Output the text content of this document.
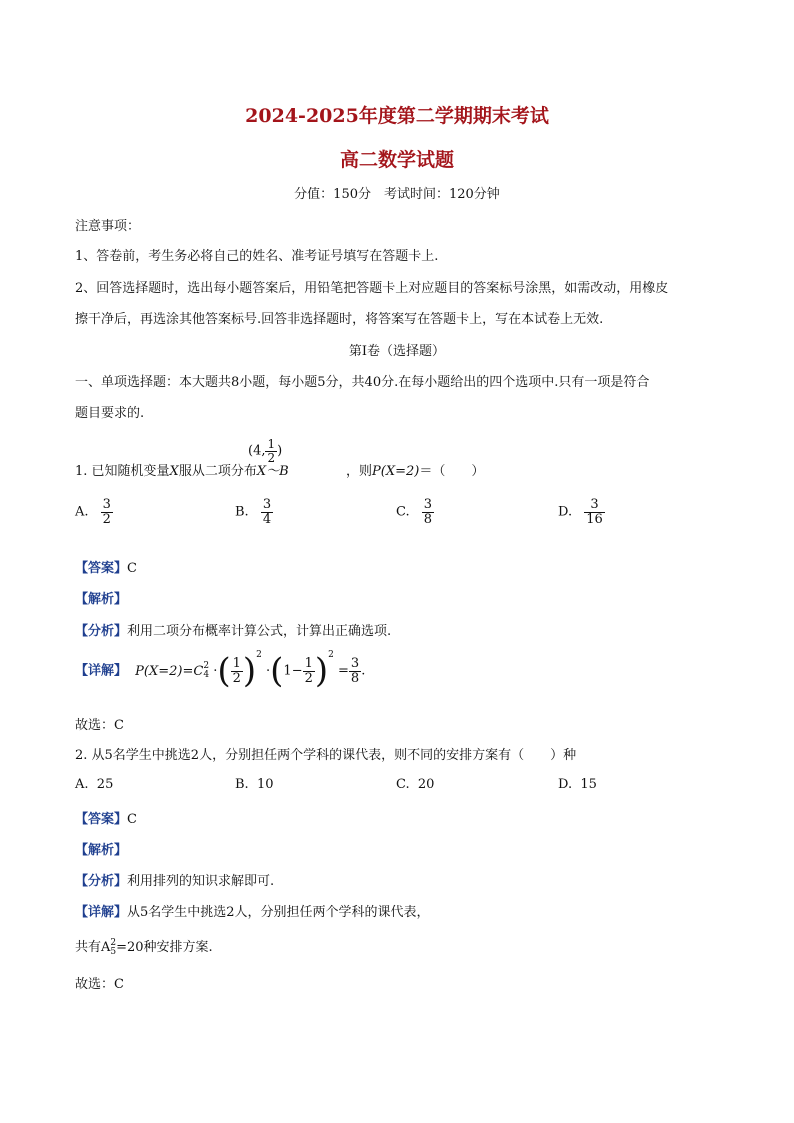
2024-2025年度第二学期期末考试
高二数学试题
分值：150分　考试时间：120分钟
注意事项：
1、答卷前，考生务必将自己的姓名、准考证号填写在答题卡上.
2、回答选择题时，选出每小题答案后，用铅笔把答题卡上对应题目的答案标号涂黑，如需改动，用橡皮
擦干净后，再选涂其他答案标号.回答非选择题时，将答案写在答题卡上，写在本试卷上无效.
第Ⅰ卷（选择题）
一、单项选择题：本大题共8小题，每小题5分，共40分.在每小题给出的四个选项中.只有一项是符合
题目要求的.
1. 已知随机变量X服从二项分布X～B
(4, $\frac{1}{2}$ )
，则P(X=2)＝（　　）
A. $\frac{3}{2}$	B. $\frac{3}{4}$	C. $\frac{3}{8}$	D. $\frac{3}{16}$
【答案】C
【解析】
【分析】利用二项分布概率计算公式，计算出正确选项.
【详解】 P(X=2)=C 2
4 ·( $\frac{1}{2} )^2 \cdot(1- \frac{1}{2} )^2 = \frac{3}{8}$ .
故选：C
2. 从5名学生中挑选2人，分别担任两个学科的课代表，则不同的安排方案有（　　）种
A. 25	B. 10	C. 20	D. 15
【答案】C
【解析】
【分析】利用排列的知识求解即可.
【详解】从5名学生中挑选2人，分别担任两个学科的课代表，
共有A 2
5 =20种安排方案.
故选：C
